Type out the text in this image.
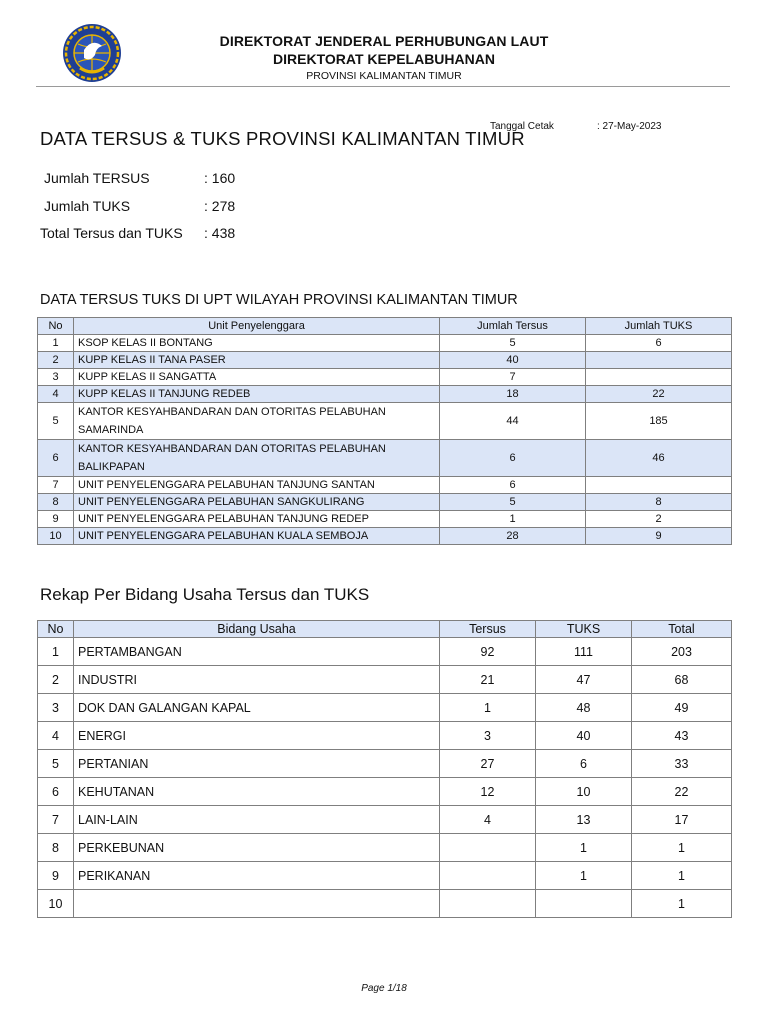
DIREKTORAT JENDERAL PERHUBUNGAN LAUT
DIREKTORAT KEPELABUHANAN
PROVINSI KALIMANTAN TIMUR
Tanggal Cetak	: 27-May-2023
DATA TERSUS & TUKS PROVINSI KALIMANTAN TIMUR
Jumlah TERSUS	: 160
Jumlah TUKS	: 278
Total Tersus dan TUKS : 438
DATA TERSUS TUKS DI UPT WILAYAH PROVINSI KALIMANTAN TIMUR
No	Unit Penyelenggara	Jumlah Tersus	Jumlah TUKS
1	KSOP KELAS II BONTANG	5	6
2	KUPP KELAS II TANA PASER	40	
3	KUPP KELAS II SANGATTA	7	
4	KUPP KELAS II TANJUNG REDEB	18	22
5	KANTOR KESYAHBANDARAN DAN OTORITAS PELABUHAN SAMARINDA	44	185
6	KANTOR KESYAHBANDARAN DAN OTORITAS PELABUHAN BALIKPAPAN	6	46
7	UNIT PENYELENGGARA PELABUHAN TANJUNG SANTAN	6	
8	UNIT PENYELENGGARA PELABUHAN SANGKULIRANG	5	8
9	UNIT PENYELENGGARA PELABUHAN TANJUNG REDEP	1	2
10	UNIT PENYELENGGARA PELABUHAN KUALA SEMBOJA	28	9
Rekap Per Bidang Usaha Tersus dan TUKS
No	Bidang Usaha	Tersus	TUKS	Total
1	PERTAMBANGAN	92	111	203
2	INDUSTRI	21	47	68
3	DOK DAN GALANGAN KAPAL	1	48	49
4	ENERGI	3	40	43
5	PERTANIAN	27	6	33
6	KEHUTANAN	12	10	22
7	LAIN-LAIN	4	13	17
8	PERKEBUNAN		1	1
9	PERIKANAN		1	1
10				1
Page 1/18
